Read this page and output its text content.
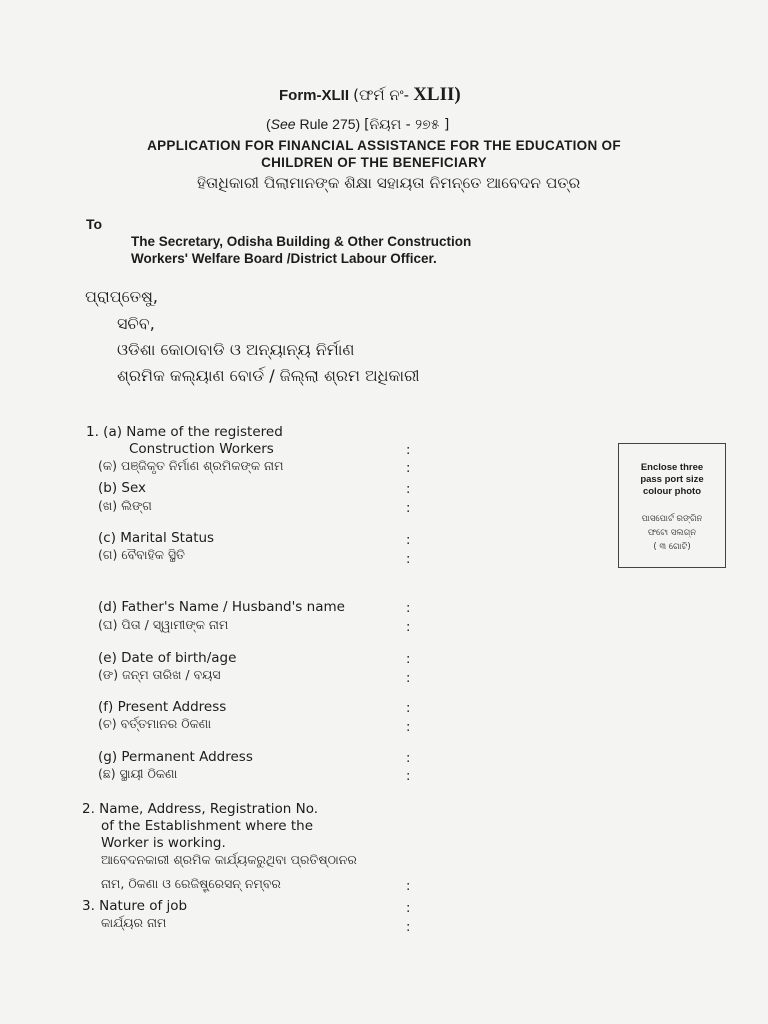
Form-XLII (ଫର୍ମ ନଂ- XLII)
(See Rule 275) [ନିୟମ - ୨୭୫ ]
APPLICATION FOR FINANCIAL ASSISTANCE FOR THE EDUCATION OF
CHILDREN OF THE BENEFICIARY
ହିତାଧିକାରୀ ପିଲାମାନଙ୍କ ଶିକ୍ଷା ସହାୟତା ନିମନ୍ତେ ଆବେଦନ ପତ୍ର
To
The Secretary, Odisha Building & Other Construction
Workers' Welfare Board /District Labour Officer.
ପ୍ରାପ୍ତେଷୁ,
ସଚିବ,
ଓଡିଶା କୋଠାବାଡି ଓ ଅନ୍ୟାନ୍ୟ ନିର୍ମାଣ
ଶ୍ରମିକ କଲ୍ୟାଣ ବୋର୍ଡ / ଜିଲ୍ଲା ଶ୍ରମ ଅଧିକାରୀ
1. (a) Name of the registered
Construction Workers	:
(କ) ପଞ୍ଜିକୃତ ନିର୍ମାଣ ଶ୍ରମିକଙ୍କ ନାମ	:
(b) Sex	:
(ଖ) ଲିଙ୍ଗ	:
(c) Marital Status	:
(ଗ) ବୈବାହିକ ସ୍ଥିତି	:
(d) Father's Name / Husband's name	:
(ଘ) ପିତା / ସ୍ୱାମୀଙ୍କ ନାମ	:
(e) Date of birth/age	:
(ଙ) ଜନ୍ମ ତାରିଖ / ବୟସ	:
(f) Present Address	:
(ଚ) ବର୍ତ୍ତମାନର ଠିକଣା	:
(g) Permanent Address	:
(ଛ) ସ୍ଥାୟୀ ଠିକଣା	:
2. Name, Address, Registration No.
of the Establishment where the
Worker is working.
ଆବେଦନକାରୀ ଶ୍ରମିକ କାର୍ଯ୍ୟକରୁଥିବା ପ୍ରତିଷ୍ଠାନର
ନାମ, ଠିକଣା ଓ ରେଜିଷ୍ଟ୍ରେସନ୍ ନମ୍ବର	:
3. Nature of job	:
କାର୍ଯ୍ୟର ନାମ	:
Enclose three
pass port size
colour photo
ପାସପୋର୍ଟ ରଙ୍ଗିନ
ଫଟୋ ସଲଗ୍ନ
( ୩ ଗୋଟି)
